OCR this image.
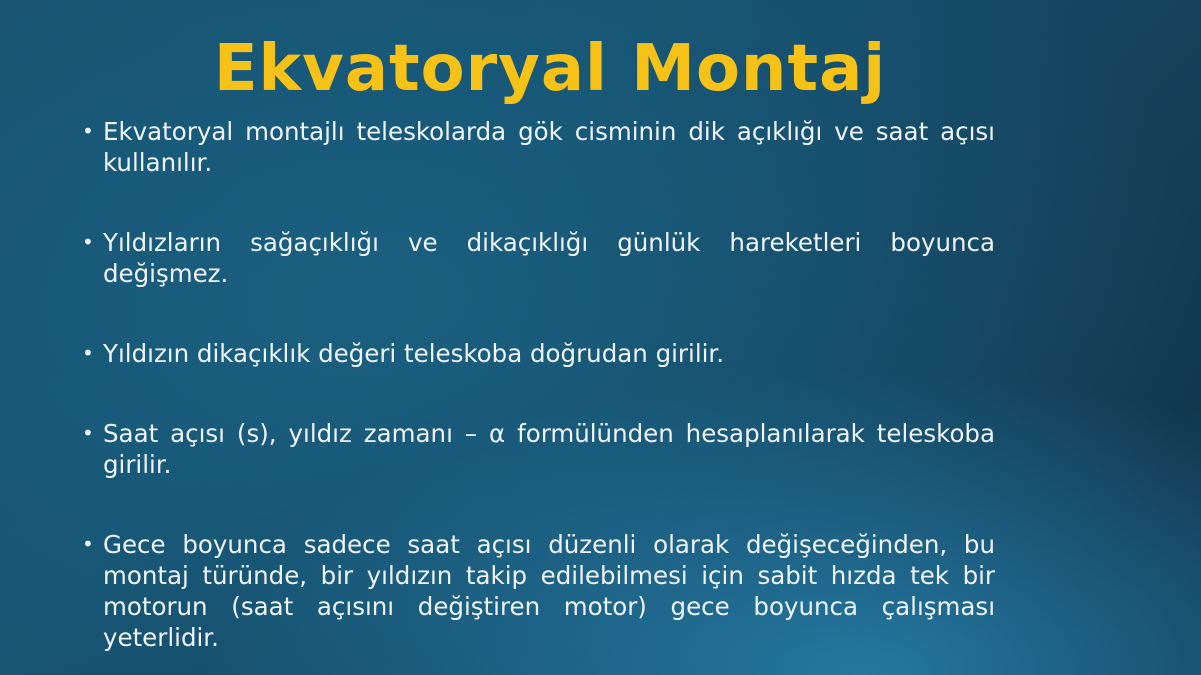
Ekvatoryal Montaj
• Ekvatoryal montajlı teleskolarda gök cisminin dik açıklığı ve saat açısı kullanılır.
• Yıldızların sağaçıklığı ve dikaçıklığı günlük hareketleri boyunca değişmez.
• Yıldızın dikaçıklık değeri teleskoba doğrudan girilir.
• Saat açısı (s), yıldız zamanı – α formülünden hesaplanılarak teleskoba girilir.
• Gece boyunca sadece saat açısı düzenli olarak değişeceğinden, bu montaj türünde, bir yıldızın takip edilebilmesi için sabit hızda tek bir motorun (saat açısını değiştiren motor) gece boyunca çalışması yeterlidir.
